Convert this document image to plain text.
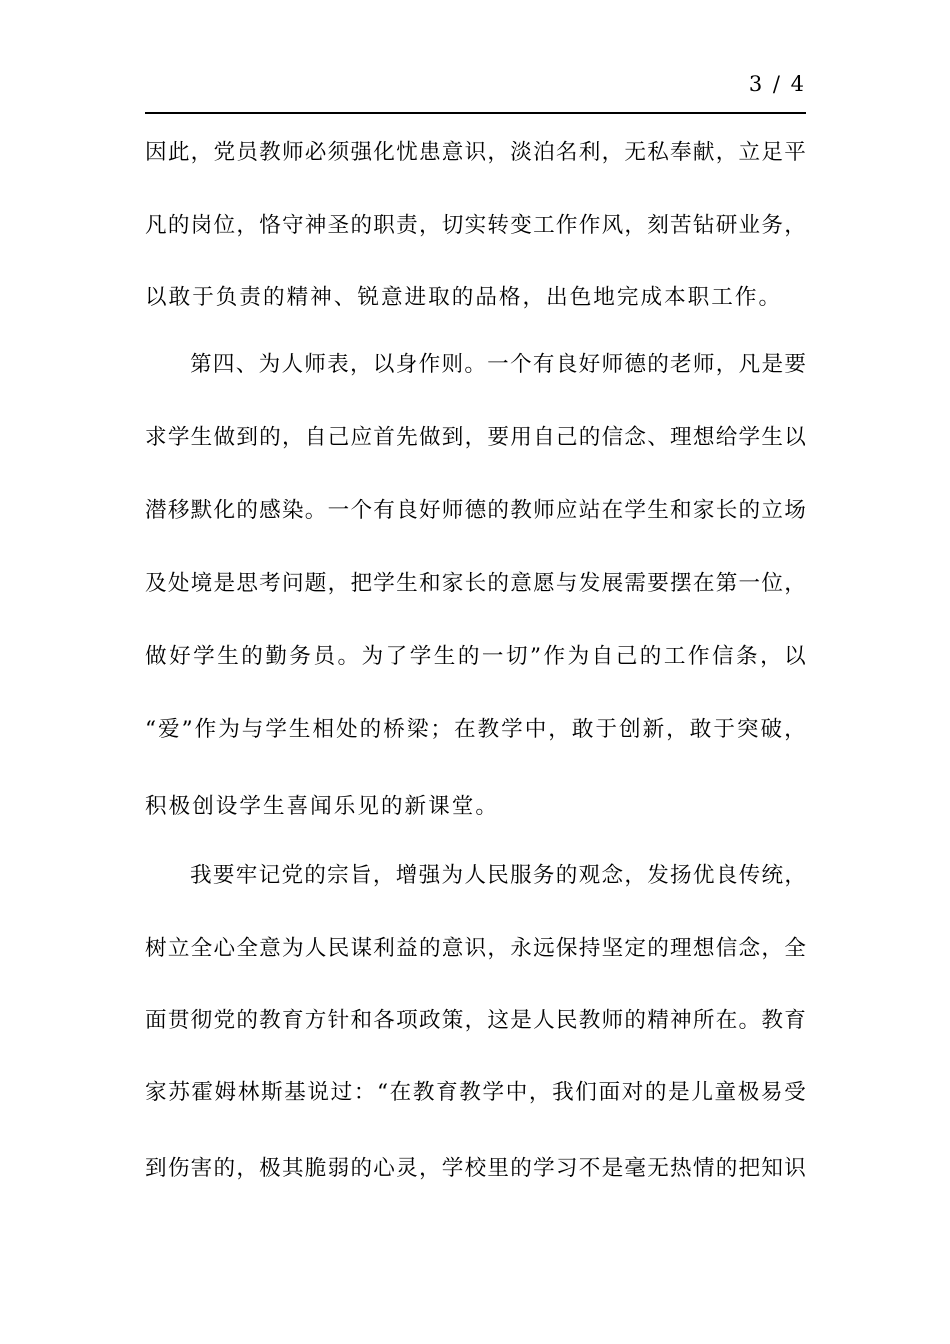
3 / 4
因 此 ， 党 员 教 师 必 须 强 化 忧 患 意 识 ， 淡 泊 名 利 ， 无 私 奉 献 ， 立 足 平
凡 的 岗 位 ， 恪 守 神 圣 的 职 责 ， 切 实 转 变 工 作 作 风 ， 刻 苦 钻 研 业 务 ，
以敢于负责的精神、锐意进取的品格，出色地完成本职工作。
第 四 、 为 人 师 表 ， 以 身 作 则 。 一 个 有 良 好 师 德 的 老 师 ， 凡 是 要
求 学 生 做 到 的 ， 自 己 应 首 先 做 到 ， 要 用 自 己 的 信 念 、 理 想 给 学 生 以
潜 移 默 化 的 感 染 。 一 个 有 良 好 师 德 的 教 师 应 站 在 学 生 和 家 长 的 立 场
及 处 境 是 思 考 问 题 ， 把 学 生 和 家 长 的 意 愿 与 发 展 需 要 摆 在 第 一 位 ，
做 好 学 生 的 勤 务 员 。 为 了 学 生 的 一 切 ” 作 为 自 己 的 工 作 信 条 ， 以
“ 爱 ” 作 为 与 学 生 相 处 的 桥 梁 ； 在 教 学 中 ， 敢 于 创 新 ， 敢 于 突 破 ，
积极创设学生喜闻乐见的新课堂。
我 要 牢 记 党 的 宗 旨 ， 增 强 为 人 民 服 务 的 观 念 ， 发 扬 优 良 传 统 ，
树 立 全 心 全 意 为 人 民 谋 利 益 的 意 识 ， 永 远 保 持 坚 定 的 理 想 信 念 ， 全
面 贯 彻 党 的 教 育 方 针 和 各 项 政 策 ， 这 是 人 民 教 师 的 精 神 所 在 。 教 育
家 苏 霍 姆 林 斯 基 说 过 ： “ 在 教 育 教 学 中 ， 我 们 面 对 的 是 儿 童 极 易 受
到 伤 害 的 ， 极 其 脆 弱 的 心 灵 ， 学 校 里 的 学 习 不 是 毫 无 热 情 的 把 知 识
